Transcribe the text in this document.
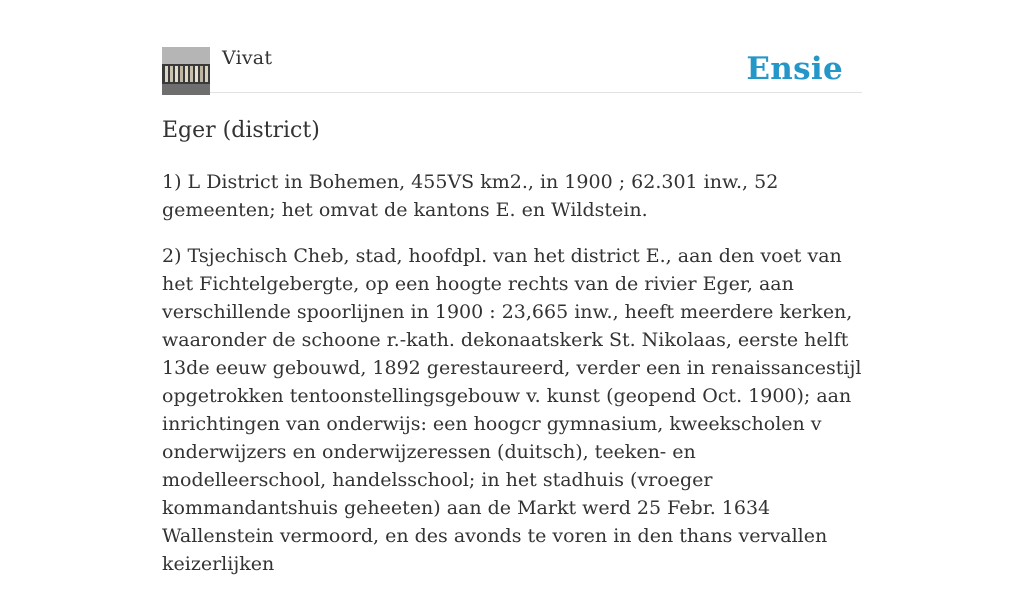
Vivat	Ensie
Eger (district)

1) L District in Bohemen, 455VS km2., in 1900 ; 62.301 inw., 52 gemeenten; het omvat de kantons E. en Wildstein.

2) Tsjechisch Cheb, stad, hoofdpl. van het district E., aan den voet van het Fichtelgebergte, op een hoogte rechts van de rivier Eger, aan verschillende spoorlijnen in 1900 : 23,665 inw., heeft meerdere kerken, waaronder de schoone r.-kath. dekonaatskerk St. Nikolaas, eerste helft 13de eeuw gebouwd, 1892 gerestaureerd, verder een in renaissancestijl opgetrokken tentoonstellingsgebouw v. kunst (geopend Oct. 1900); aan inrichtingen van onderwijs: een hoogcr gymnasium, kweekscholen v onderwijzers en onderwijzeressen (duitsch), teeken- en modelleerschool, handelsschool; in het stadhuis (vroeger kommandantshuis geheeten) aan de Markt werd 25 Febr. 1634 Wallenstein vermoord, en des avonds te voren in den thans vervallen keizerlijken
